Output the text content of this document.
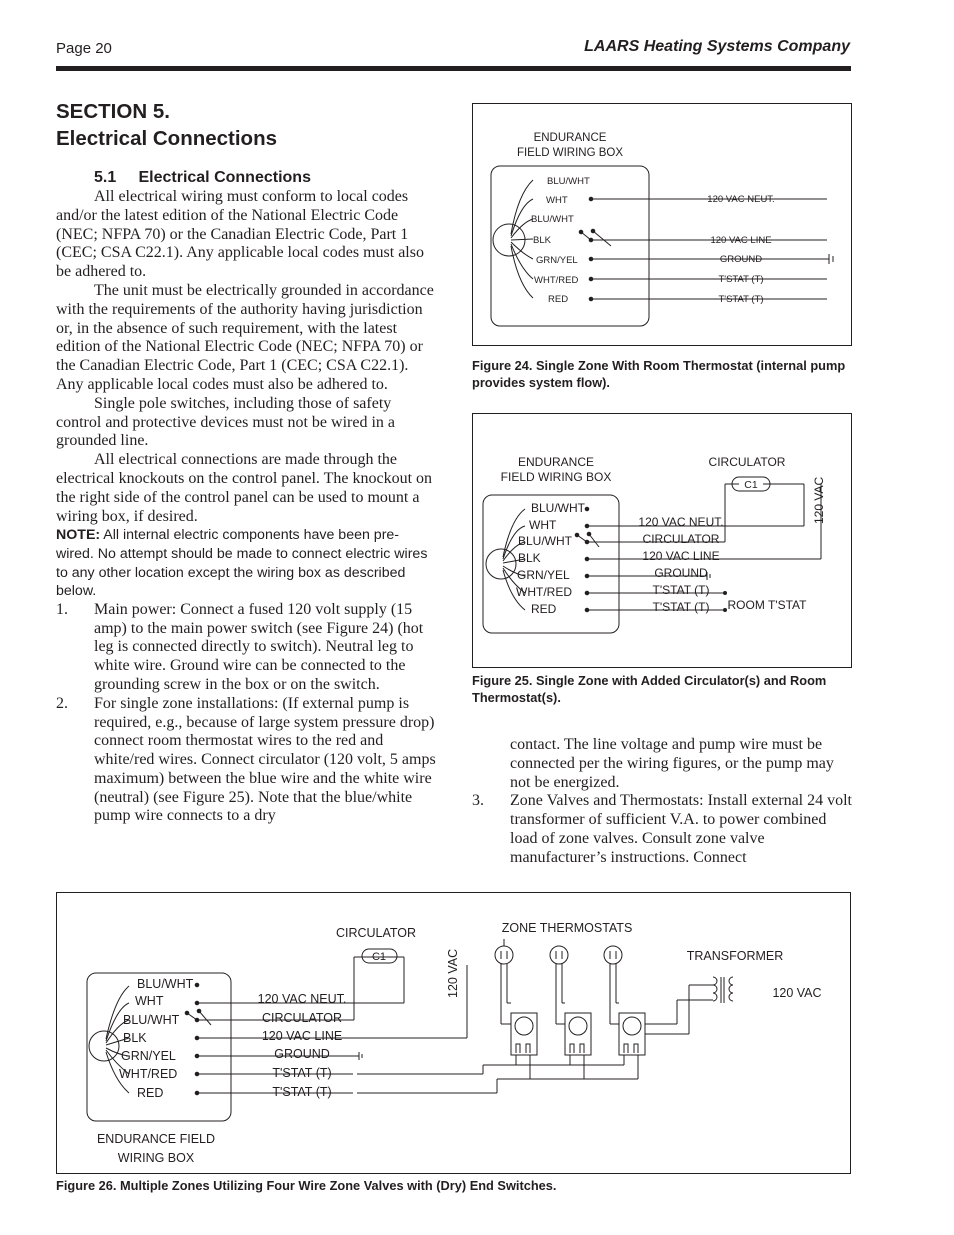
Page 20	LAARS Heating Systems Company
SECTION 5.
Electrical Connections
5.1     Electrical Connections

All electrical wiring must conform to local codes and/or the latest edition of the National Electric Code (NEC; NFPA 70) or the Canadian Electric Code, Part 1 (CEC; CSA C22.1). Any applicable local codes must also be adhered to.

The unit must be electrically grounded in accordance with the requirements of the authority having jurisdiction or, in the absence of such requirement, with the latest edition of the National Electric Code (NEC; NFPA 70) or the Canadian Electric Code, Part 1 (CEC; CSA C22.1). Any applicable local codes must also be adhered to.

Single pole switches, including those of safety control and protective devices must not be wired in a grounded line.

All electrical connections are made through the electrical knockouts on the control panel. The knockout on the right side of the control panel can be used to mount a wiring box, if desired.

NOTE: All internal electric components have been pre-wired. No attempt should be made to connect electric wires to any other location except the wiring box as described below.

1. Main power: Connect a fused 120 volt supply (15 amp) to the main power switch (see Figure 24) (hot leg is connected directly to switch). Neutral leg to white wire. Ground wire can be connected to the grounding screw in the box or on the switch.
2. For single zone installations: (If external pump is required, e.g., because of large system pressure drop) connect room thermostat wires to the red and white/red wires. Connect circulator (120 volt, 5 amps maximum) between the blue wire and the white wire (neutral) (see Figure 25). Note that the blue/white pump wire connects to a dry
contact. The line voltage and pump wire must be connected per the wiring figures, or the pump may not be energized.
3. Zone Valves and Thermostats: Install external 24 volt transformer of sufficient V.A. to power combined load of zone valves. Consult zone valve manufacturer’s instructions. Connect
ENDURANCE
FIELD WIRING BOX
BLU/WHT
WHT
BLU/WHT
BLK
GRN/YEL
WHT/RED
RED
120 VAC NEUT.
120 VAC LINE
GROUND
T'STAT (T)
T'STAT (T)
Figure 24. Single Zone With Room Thermostat (internal pump provides system flow).
ENDURANCE
FIELD WIRING BOX
CIRCULATOR
BLU/WHT
WHT
BLU/WHT
BLK
GRN/YEL
WHT/RED
RED
C1	120 VAC
120 VAC NEUT.
CIRCULATOR
120 VAC LINE
GROUND
T'STAT (T)
T'STAT (T) ROOM T'STAT
Figure 25. Single Zone with Added Circulator(s) and Room Thermostat(s).
CIRCULATOR	ZONE THERMOSTATS
TRANSFORMER
120 VAC	120 VAC
BLU/WHT
WHT
BLU/WHT
BLK
GRN/YEL
WHT/RED
RED
C1
120 VAC NEUT.
CIRCULATOR
120 VAC LINE
GROUND
T'STAT (T)
T'STAT (T)
ENDURANCE FIELD
WIRING BOX
Figure 26. Multiple Zones Utilizing Four Wire Zone Valves with (Dry) End Switches.
